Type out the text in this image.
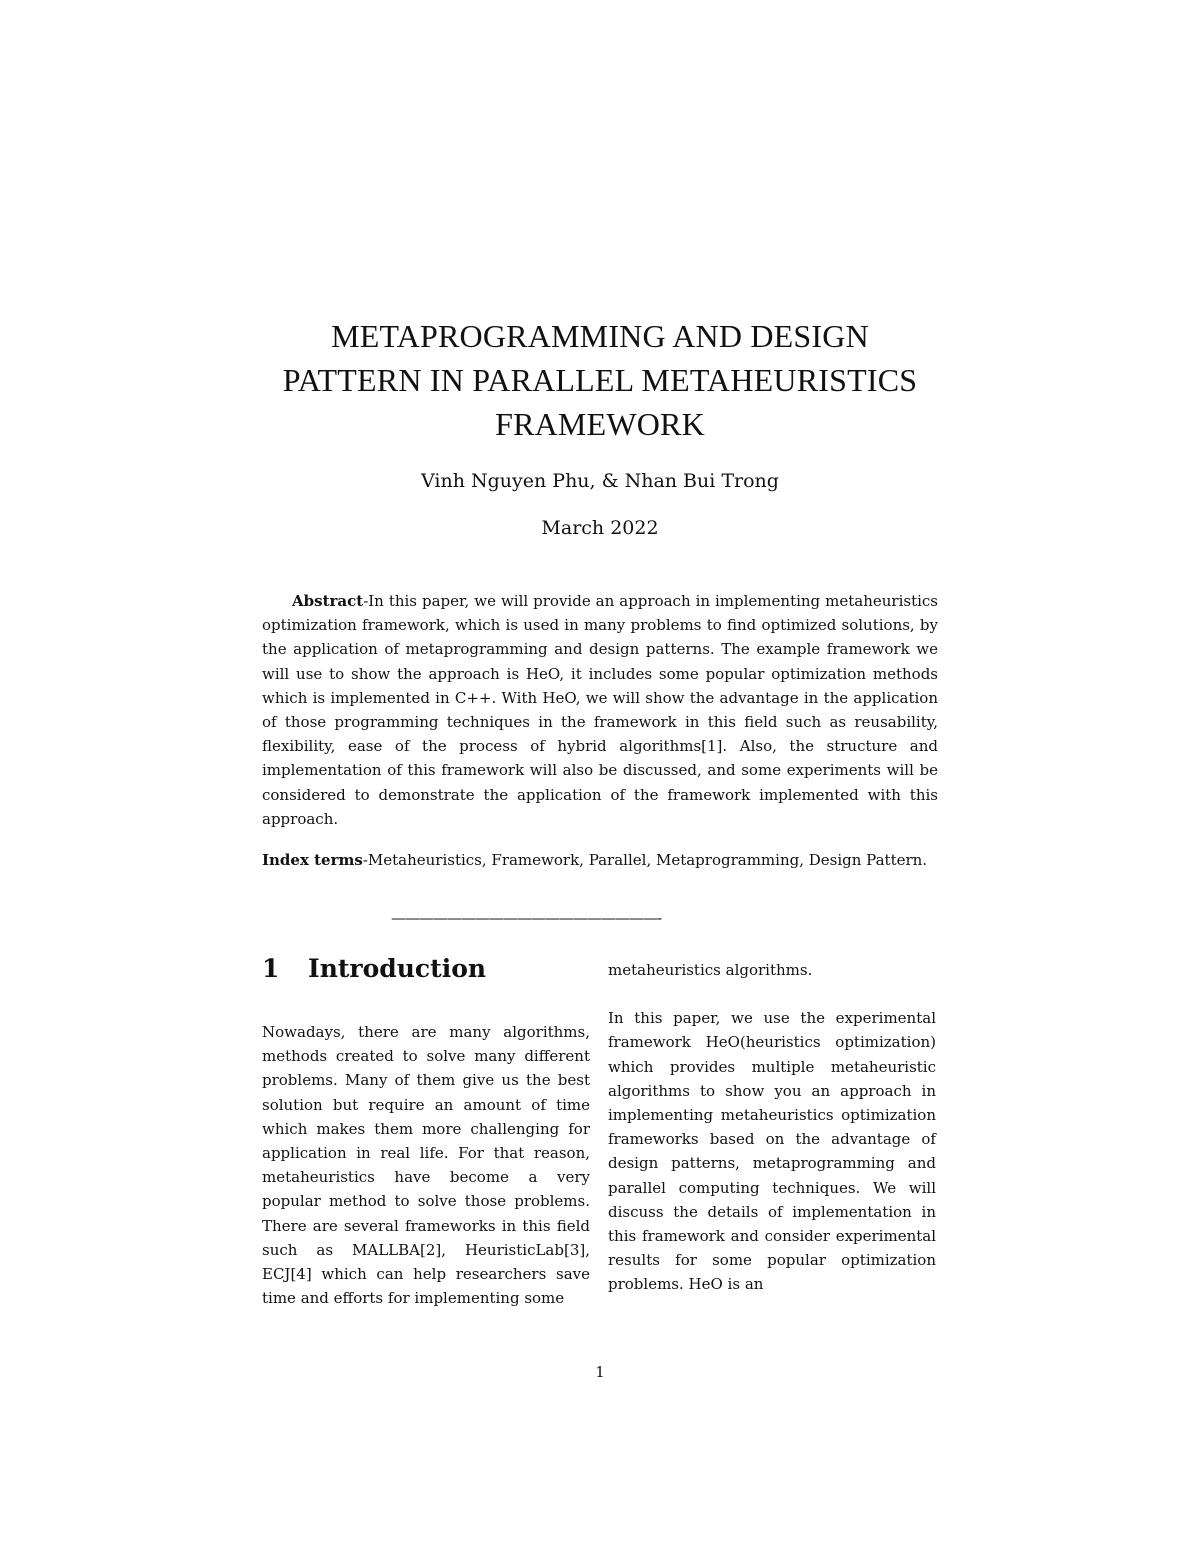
METAPROGRAMMING AND DESIGN
PATTERN IN PARALLEL METAHEURISTICS
FRAMEWORK
Vinh Nguyen Phu, & Nhan Bui Trong
March 2022

Abstract-In this paper, we will provide an approach in implementing metaheuristics optimization framework, which is used in many problems to find optimized solutions, by the application of metaprogramming and design patterns. The example framework we will use to show the approach is HeO, it includes some popular optimization methods which is implemented in C++. With HeO, we will show the advantage in the application of those programming techniques in the framework in this field such as reusability, flexibility, ease of the process of hybrid algorithms[1]. Also, the structure and implementation of this framework will also be discussed, and some experiments will be considered to demonstrate the application of the framework implemented with this approach.

Index terms-Metaheuristics, Framework, Parallel, Metaprogramming, Design Pattern.

———————————————————-
1 Introduction

Nowadays, there are many algorithms, methods created to solve many different problems. Many of them give us the best solution but require an amount of time which makes them more challenging for application in real life. For that reason, metaheuristics have become a very popular method to solve those problems. There are several frameworks in this field such as MALLBA[2], HeuristicLab[3], ECJ[4] which can help researchers save time and efforts for implementing some

metaheuristics algorithms.

In this paper, we use the experimental framework HeO(heuristics optimization) which provides multiple metaheuristic algorithms to show you an approach in implementing metaheuristics optimization frameworks based on the advantage of design patterns, metaprogramming and parallel computing techniques. We will discuss the details of implementation in this framework and consider experimental results for some popular optimization problems. HeO is an

1
